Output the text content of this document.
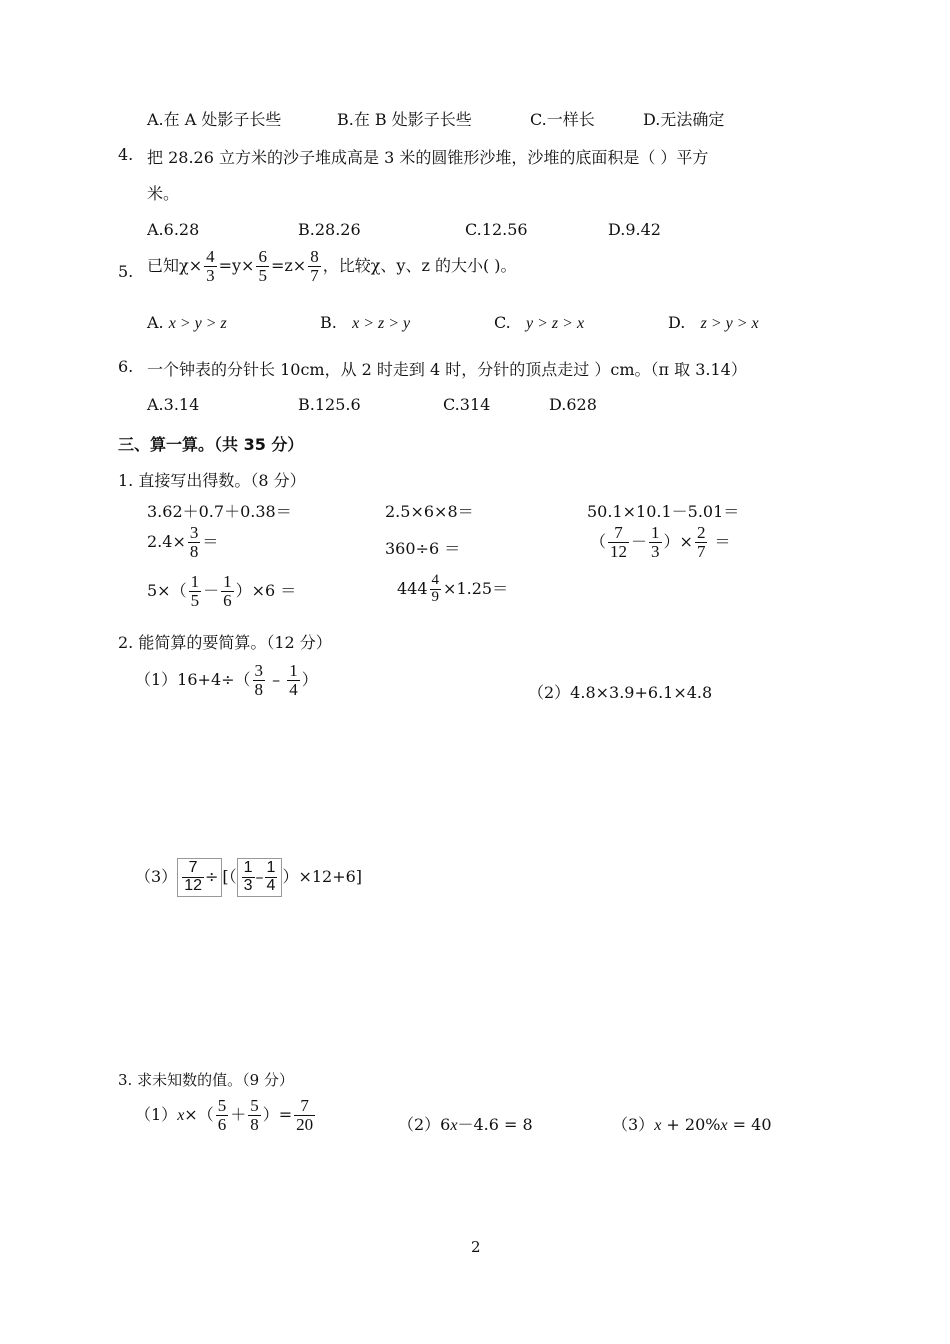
A.在 A 处影子长些	B.在 B 处影子长些	C.一样长	D.无法确定
4. 把 28.26 立方米的沙子堆成高是 3 米的圆锥形沙堆，沙堆的底面积是（ ）平方
米。
A.6.28	B.28.26	C.12.56	D.9.42
5. 已知$\chi\times \frac{4}{3} =y\times \frac{6}{5} =z\times \frac{8}{7}$ ，比较χ、y、z 的大小( )。
A. x > y > z	B. x > z > y	C. y > z > x	D. z > y > x
6. 一个钟表的分针长 10cm，从 2 时走到 4 时，分针的顶点走过 ）cm。（π 取 3.14）
A.3.14	B.125.6	C.314	D.628
三、算一算。（共 35 分）
1. 直接写出得数。（8 分）
3.62＋0.7＋0.38＝	2.5×6×8＝	50.1×10.1－5.01＝
$2.4\times \frac{3}{8}$ ＝	360÷6 ＝	（ $\frac{7}{12} - \frac{1}{3}$ ）× $\frac{2}{7}$ ＝
$5\times( \frac{1}{5} - \frac{1}{6} )\times 6$ ＝	$444 \frac{4}{9} \times 1.25=$
2. 能简算的要简算。（12 分）
$(1)16+4\div( \frac{3}{8} - \frac{1}{4}$ ）
（2）4.8×3.9+6.1×4.8
$(3) \frac{7}{12}$ ÷ [（ $\frac{1}{3} - \frac{1}{4} )\times 12+6$]
3. 求未知数的值。（9 分）
$(1)x\times( \frac{5}{6} + \frac{5}{8}$ ）= $\frac{7}{20}$	（2）6x－4.6 = 8	（3）x + 20%x = 40
2
